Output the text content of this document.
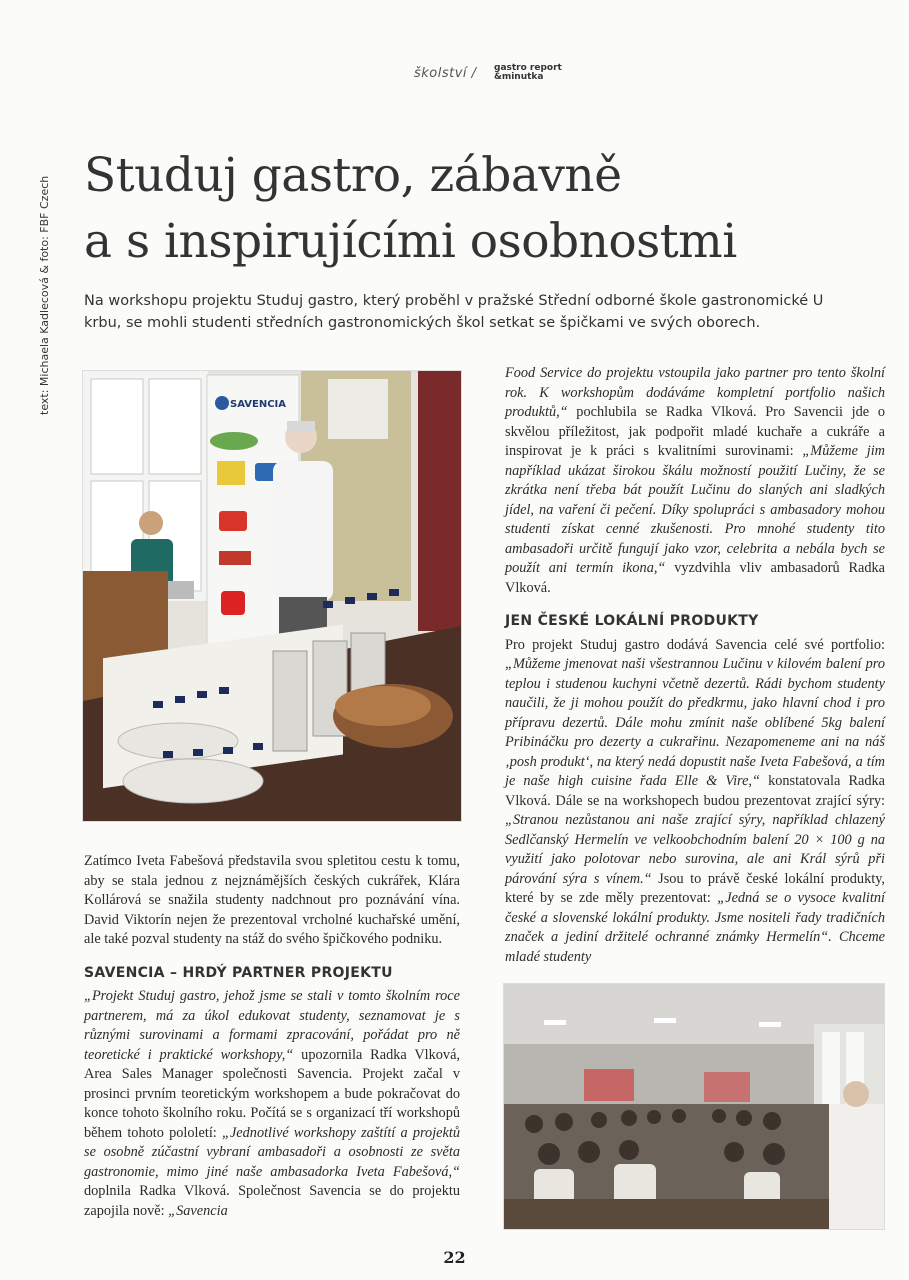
školství / gastro report
&minutka
text: Michaela Kadlecová & foto: FBF Czech
Studuj gastro, zábavně
a s inspirujícími osobnostmi

Na workshopu projektu Studuj gastro, který proběhl v pražské Střední odborné škole gastronomické U krbu, se mohli studenti středních gastronomických škol setkat se špičkami ve svých oborech.

SAVENCIA

Zatímco Iveta Fabešová představila svou spletitou cestu k tomu, aby se stala jednou z nejznámějších českých cukrářek, Klára Kollárová se snažila studenty nadchnout pro poznávání vína. David Viktorín nejen že prezentoval vrcholné kuchařské umění, ale také pozval studenty na stáž do svého špičkového podniku.

SAVENCIA – HRDÝ PARTNER PROJEKTU

„Projekt Studuj gastro, jehož jsme se stali v tomto školním roce partnerem, má za úkol edukovat studenty, seznamovat je s různými surovinami a formami zpracování, pořádat pro ně teoretické i praktické workshopy,“ upozornila Radka Vlková, Area Sales Manager společnosti Savencia. Projekt začal v prosinci prvním teoretickým workshopem a bude pokračovat do konce tohoto školního roku. Počítá se s organizací tří workshopů během tohoto pololetí: „Jednotlivé workshopy zaštítí a projektů se osobně zúčastní vybraní ambasadoři a osobnosti ze světa gastronomie, mimo jiné naše ambasadorka Iveta Fabešová,“ doplnila Radka Vlková. Společnost Savencia se do projektu zapojila nově: „Savencia

Food Service do projektu vstoupila jako partner pro tento školní rok. K workshopům dodáváme kompletní portfolio našich produktů,“ pochlubila se Radka Vlková. Pro Savencii jde o skvělou příležitost, jak podpořit mladé kuchaře a cukráře a inspirovat je k práci s kvalitními surovinami: „Můžeme jim například ukázat širokou škálu možností použití Lučiny, že se zkrátka není třeba bát použít Lučinu do slaných ani sladkých jídel, na vaření či pečení. Díky spolupráci s ambasadory mohou studenti získat cenné zkušenosti. Pro mnohé studenty tito ambasadoři určitě fungují jako vzor, celebrita a nebála bych se použít ani termín ikona,“ vyzdvihla vliv ambasadorů Radka Vlková.

JEN ČESKÉ LOKÁLNÍ PRODUKTY

Pro projekt Studuj gastro dodává Savencia celé své portfolio: „Můžeme jmenovat naši všestrannou Lučinu v kilovém balení pro teplou i studenou kuchyni včetně dezertů. Rádi bychom studenty naučili, že ji mohou použít do předkrmu, jako hlavní chod i pro přípravu dezertů. Dále mohu zmínit naše oblíbené 5kg balení Pribináčku pro dezerty a cukrařinu. Nezapomeneme ani na náš ‚posh produkt‘, na který nedá dopustit naše Iveta Fabešová, a tím je naše high cuisine řada Elle & Vire,“ konstatovala Radka Vlková. Dále se na workshopech budou prezentovat zrající sýry: „Stranou nezůstanou ani naše zrající sýry, například chlazený Sedlčanský Hermelín ve velkoobchodním balení 20 × 100 g na využití jako polotovar nebo surovina, ale ani Král sýrů při párování sýra s vínem.“ Jsou to právě české lokální produkty, které by se zde měly prezentovat: „Jedná se o vysoce kvalitní české a slovenské lokální produkty. Jsme nositeli řady tradičních značek a jediní držitelé ochranné známky Hermelín“. Chceme mladé studenty

22
